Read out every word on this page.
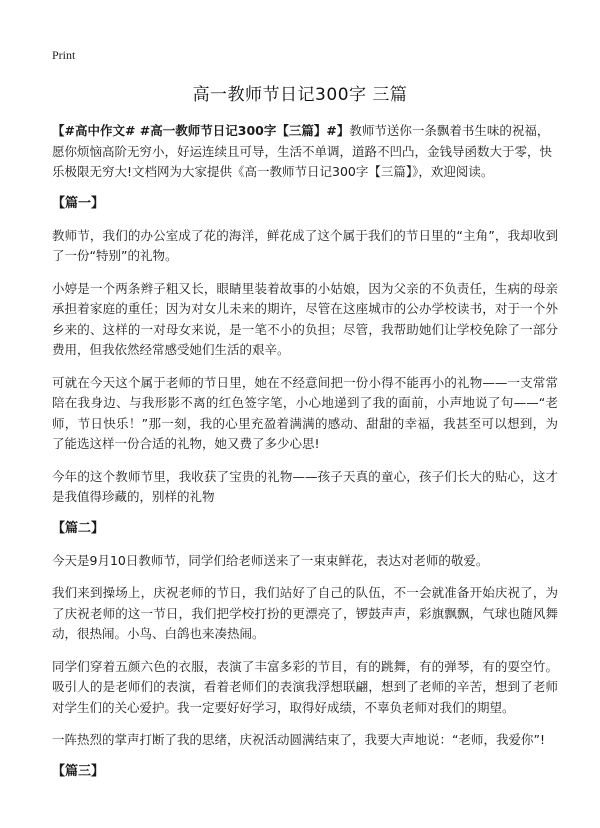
Print
高一教师节日记300字 三篇

【#高中作文# #高一教师节日记300字【三篇】#】教师节送你一条飘着书生味的祝福，愿你烦恼高阶无穷小，好运连续且可导，生活不单调，道路不凹凸，金钱导函数大于零，快乐极限无穷大!文档网为大家提供《高一教师节日记300字【三篇】》，欢迎阅读。

【篇一】

教师节，我们的办公室成了花的海洋，鲜花成了这个属于我们的节日里的“主角”，我却收到了一份“特别”的礼物。

小婷是一个两条辫子粗又长，眼睛里装着故事的小姑娘，因为父亲的不负责任，生病的母亲承担着家庭的重任；因为对女儿未来的期许，尽管在这座城市的公办学校读书，对于一个外乡来的、这样的一对母女来说，是一笔不小的负担；尽管，我帮助她们让学校免除了一部分费用，但我依然经常感受她们生活的艰辛。

可就在今天这个属于老师的节日里，她在不经意间把一份小得不能再小的礼物——一支常常陪在我身边、与我形影不离的红色签字笔，小心地递到了我的面前，小声地说了句——“老师，节日快乐！”那一刻，我的心里充盈着满满的感动、甜甜的幸福，我甚至可以想到，为了能选这样一份合适的礼物，她又费了多少心思!

今年的这个教师节里，我收获了宝贵的礼物——孩子天真的童心，孩子们长大的贴心，这才是我值得珍藏的，别样的礼物

【篇二】

今天是9月10日教师节，同学们给老师送来了一束束鲜花，表达对老师的敬爱。

我们来到操场上，庆祝老师的节日，我们站好了自己的队伍，不一会就准备开始庆祝了，为了庆祝老师的这一节日，我们把学校打扮的更漂亮了，锣鼓声声，彩旗飘飘，气球也随风舞动，很热闹。小鸟、白鸽也来凑热闹。

同学们穿着五颜六色的衣服，表演了丰富多彩的节目，有的跳舞，有的弹琴，有的耍空竹。吸引人的是老师们的表演，看着老师们的表演我浮想联翩，想到了老师的辛苦，想到了老师对学生们的关心爱护。我一定要好好学习，取得好成绩，不辜负老师对我们的期望。

一阵热烈的掌声打断了我的思绪，庆祝活动圆满结束了，我要大声地说：“老师，我爱你”!

【篇三】
